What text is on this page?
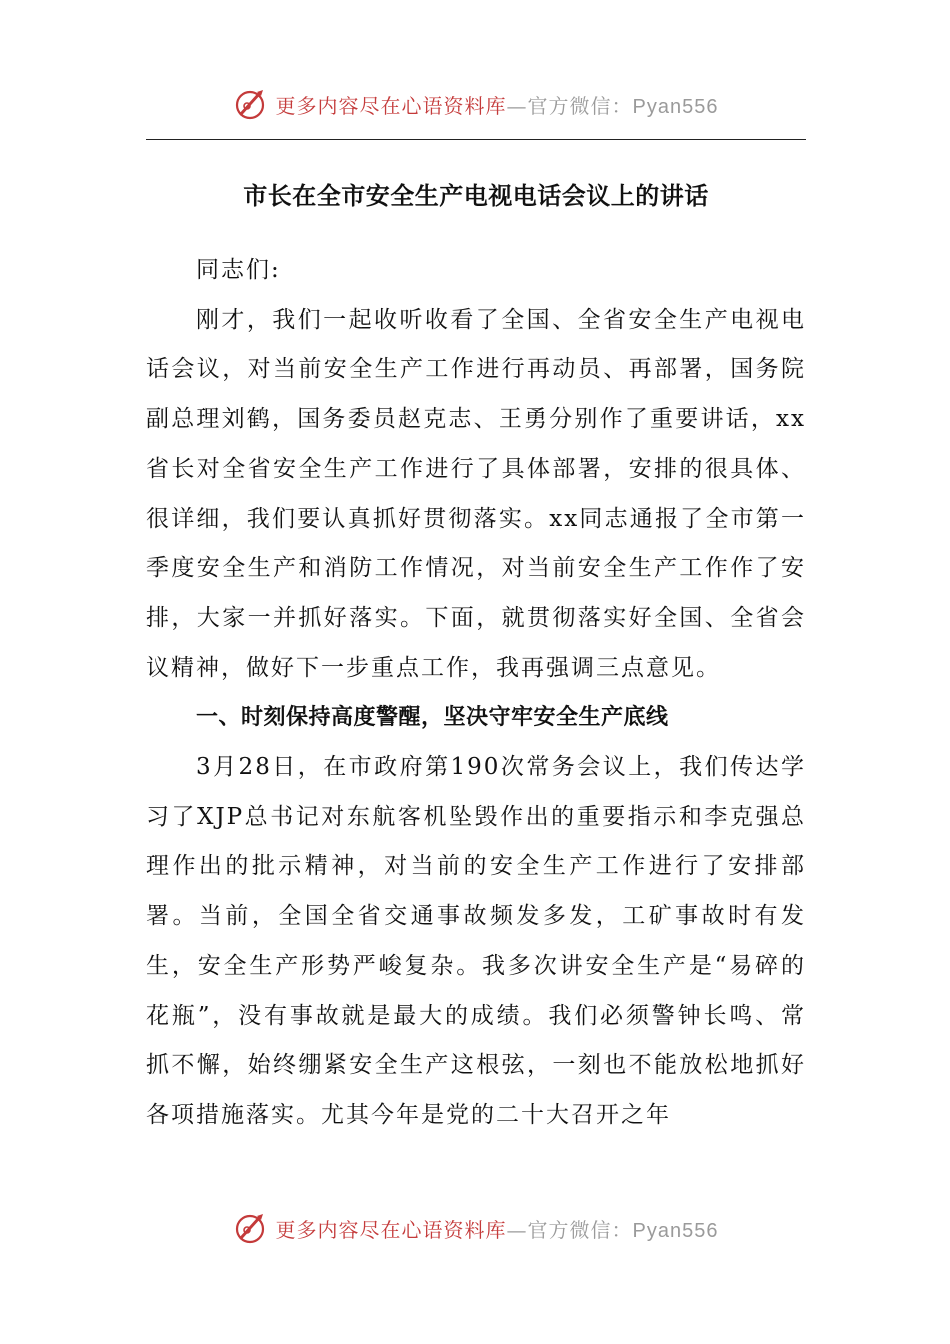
更多内容尽在心语资料库—官方微信：Pyan556
市长在全市安全生产电视电话会议上的讲话

同志们:

刚才，我们一起收听收看了全国、全省安全生产电视电话会议，对当前安全生产工作进行再动员、再部署，国务院副总理刘鹤，国务委员赵克志、王勇分别作了重要讲话，xx省长对全省安全生产工作进行了具体部署，安排的很具体、很详细，我们要认真抓好贯彻落实。xx同志通报了全市第一季度安全生产和消防工作情况，对当前安全生产工作作了安排，大家一并抓好落实。下面，就贯彻落实好全国、全省会议精神，做好下一步重点工作，我再强调三点意见。

一、时刻保持高度警醒，坚决守牢安全生产底线

3月28日，在市政府第190次常务会议上，我们传达学习了XJP总书记对东航客机坠毁作出的重要指示和李克强总理作出的批示精神，对当前的安全生产工作进行了安排部署。当前，全国全省交通事故频发多发，工矿事故时有发生，安全生产形势严峻复杂。我多次讲安全生产是“易碎的花瓶”，没有事故就是最大的成绩。我们必须警钟长鸣、常抓不懈，始终绷紧安全生产这根弦，一刻也不能放松地抓好各项措施落实。尤其今年是党的二十大召开之年

更多内容尽在心语资料库—官方微信：Pyan556
